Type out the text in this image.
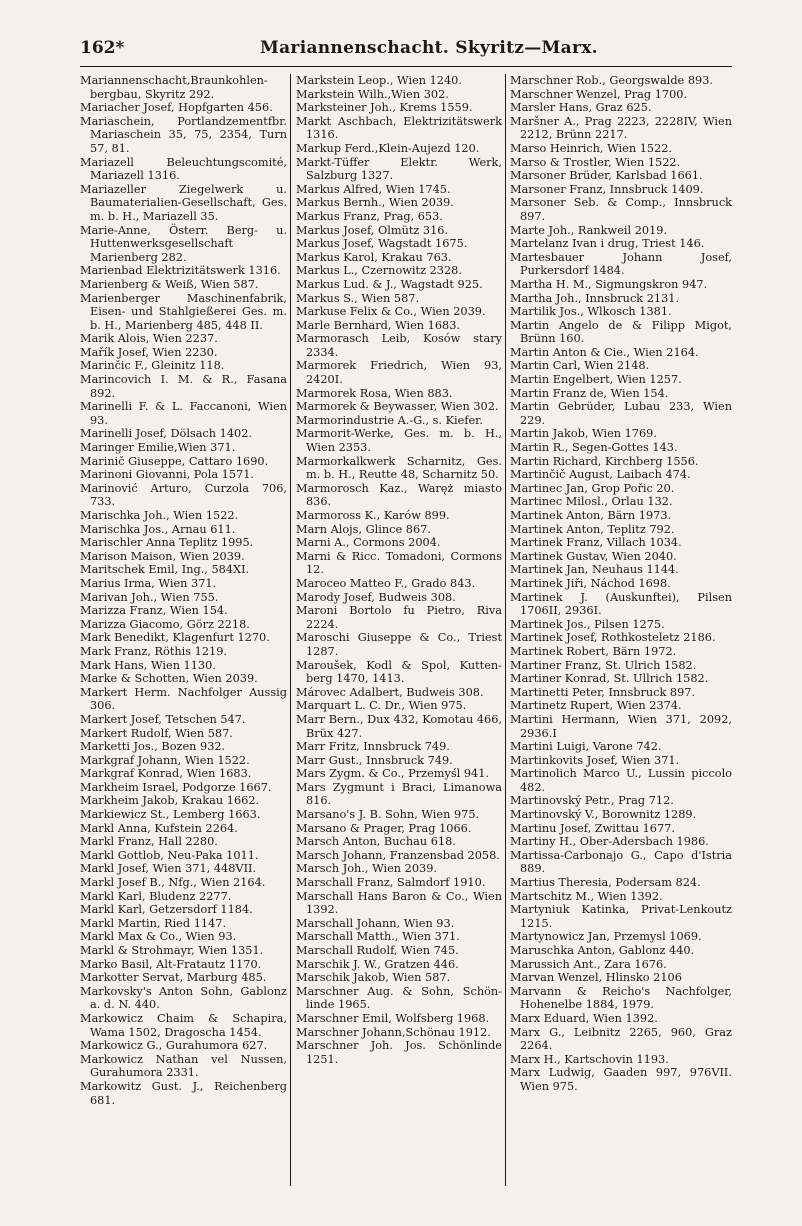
162*	Mariannenschacht. Skyritz—Marx.
Mariannenschacht,Braunkohlen-bergbau, Skyritz 292.
Mariacher Josef, Hopfgarten 456.
Mariaschein, Portlandzementfbr. Mariaschein 35, 75, 2354, Turn 57, 81.
Mariazell Beleuchtungscomité, Mariazell 1316.
Mariazeller Ziegelwerk u. Baumaterialien-Gesellschaft, Ges. m. b. H., Mariazell 35.
Marie-Anne, Österr. Berg- u. Huttenwerksgesellschaft Marienberg 282.
Marienbad Elektrizitätswerk 1316.
Marienberg & Weiß, Wien 587.
Marienberger Maschinenfabrik, Eisen- und Stahlgießerei Ges. m. b. H., Marienberg 485, 448 II.
Marik Alois, Wien 2237.
Mařík Josef, Wien 2230.
Marinčic F., Gleinitz 118.
Marincovich I. M. & R., Fasana 892.
Marinelli F. & L. Faccanoni, Wien 93.
Marinelli Josef, Dölsach 1402.
Maringer Emilie,Wien 371.
Marinič Giuseppe, Cattaro 1690.
Marinoni Giovanni, Pola 1571.
Marinović Arturo, Curzola 706, 733.
Marischka Joh., Wien 1522.
Marischka Jos., Arnau 611.
Marischler Anna Teplitz 1995.
Marison Maison, Wien 2039.
Maritschek Emil, Ing., 584XI.
Marius Irma, Wien 371.
Marivan Joh., Wien 755.
Marizza Franz, Wien 154.
Marizza Giacomo, Görz 2218.
Mark Benedikt, Klagenfurt 1270.
Mark Franz, Röthis 1219.
Mark Hans, Wien 1130.
Marke & Schotten, Wien 2039.
Markert Herm. Nachfolger Aussig 306.
Markert Josef, Tetschen 547.
Markert Rudolf, Wien 587.
Marketti Jos., Bozen 932.
Markgraf Johann, Wien 1522.
Markgraf Konrad, Wien 1683.
Markheim Israel, Podgorze 1667.
Markheim Jakob, Krakau 1662.
Markiewicz St., Lemberg 1663.
Markl Anna, Kufstein 2264.
Markl Franz, Hall 2280.
Markl Gottlob, Neu-Paka 1011.
Markl Josef, Wien 371, 448VII.
Markl Josef B., Nfg., Wien 2164.
Markl Karl, Bludenz 2277.
Markl Karl, Getzersdorf 1184.
Markl Martin, Ried 1147.
Markl Max & Co., Wien 93.
Markl & Strohmayr, Wien 1351.
Marko Basil, Alt-Fratautz 1170.
Markotter Servat, Marburg 485.
Markovsky's Anton Sohn, Gablonz a. d. N. 440.
Markowicz Chaim & Schapira, Wama 1502, Dragoscha 1454.
Markowicz G., Gurahumora 627.
Markowicz Nathan vel Nussen, Gurahumora 2331.
Markowitz Gust. J., Reichenberg 681.
Markstein Leop., Wien 1240.
Markstein Wilh.,Wien 302.
Marksteiner Joh., Krems 1559.
Markt Aschbach, Elektrizitätswerk 1316.
Markup Ferd.,Klein-Aujezd 120.
Markt-Tüffer Elektr. Werk, Salzburg 1327.
Markus Alfred, Wien 1745.
Markus Bernh., Wien 2039.
Markus Franz, Prag, 653.
Markus Josef, Olmütz 316.
Markus Josef, Wagstadt 1675.
Markus Karol, Krakau 763.
Markus L., Czernowitz 2328.
Markus Lud. & J., Wagstadt 925.
Markus S., Wien 587.
Markuse Felix & Co., Wien 2039.
Marle Bernhard, Wien 1683.
Marmorasch Leib, Kosów stary 2334.
Marmorek Friedrich, Wien 93, 2420I.
Marmorek Rosa, Wien 883.
Marmorek & Beywasser, Wien 302.
Marmorindustrie A.-G., s. Kiefer.
Marmorit-Werke, Ges. m. b. H., Wien 2353.
Marmorkalkwerk Scharnitz, Ges. m. b. H., Reutte 48, Scharnitz 50.
Marmorosch Kaz., Waręż miasto 836.
Marmoross K., Karów 899.
Marn Alojs, Glince 867.
Marni A., Cormons 2004.
Marni & Ricc. Tomadoni, Cormons 12.
Maroceo Matteo F., Grado 843.
Marody Josef, Budweis 308.
Maroni Bortolo fu Pietro, Riva 2224.
Maroschi Giuseppe & Co., Triest 1287.
Maroušek, Kodl & Spol, Kutten-berg 1470, 1413.
Márovec Adalbert, Budweis 308.
Marquart L. C. Dr., Wien 975.
Marr Bern., Dux 432, Komotau 466, Brüx 427.
Marr Fritz, Innsbruck 749.
Marr Gust., Innsbruck 749.
Mars Zygm. & Co., Przemyśl 941.
Mars Zygmunt i Braci, Limanowa 816.
Marsano's J. B. Sohn, Wien 975.
Marsano & Prager, Prag 1066.
Marsch Anton, Buchau 618.
Marsch Johann, Franzensbad 2058.
Marsch Joh., Wien 2039.
Marschall Franz, Salmdorf 1910.
Marschall Hans Baron & Co., Wien 1392.
Marschall Johann, Wien 93.
Marschall Matth., Wien 371.
Marschall Rudolf, Wien 745.
Marschik J. W., Gratzen 446.
Marschik Jakob, Wien 587.
Marschner Aug. & Sohn, Schön-linde 1965.
Marschner Emil, Wolfsberg 1968.
Marschner Johann,Schönau 1912.
Marschner Joh. Jos. Schönlinde 1251.
Marschner Rob., Georgswalde 893.
Marschner Wenzel, Prag 1700.
Marsler Hans, Graz 625.
Maršner A., Prag 2223, 2228IV, Wien 2212, Brünn 2217.
Marso Heinrich, Wien 1522.
Marso & Trostler, Wien 1522.
Marsoner Brüder, Karlsbad 1661.
Marsoner Franz, Innsbruck 1409.
Marsoner Seb. & Comp., Innsbruck 897.
Marte Joh., Rankweil 2019.
Martelanz Ivan i drug, Triest 146.
Martesbauer Johann Josef, Purkersdorf 1484.
Martha H. M., Sigmungskron 947.
Martha Joh., Innsbruck 2131.
Martilik Jos., Wlkosch 1381.
Martin Angelo de & Filipp Migot, Brünn 160.
Martin Anton & Cie., Wien 2164.
Martin Carl, Wien 2148.
Martin Engelbert, Wien 1257.
Martin Franz de, Wien 154.
Martin Gebrüder, Lubau 233, Wien 229.
Martin Jakob, Wien 1769.
Martin R., Segen-Gottes 143.
Martin Richard, Kirchberg 1556.
Martinčič August, Laibach 474.
Martinec Jan, Grop Pořic 20.
Martinec Milosl., Orlau 132.
Martinek Anton, Bärn 1973.
Martinek Anton, Teplitz 792.
Martinek Franz, Villach 1034.
Martinek Gustav, Wien 2040.
Martinek Jan, Neuhaus 1144.
Martinek Jiři, Náchod 1698.
Martinek J. (Auskunftei), Pilsen 1706II, 2936I.
Martinek Jos., Pilsen 1275.
Martinek Josef, Rothkosteletz 2186.
Martinek Robert, Bärn 1972.
Martiner Franz, St. Ulrich 1582.
Martiner Konrad, St. Ullrich 1582.
Martinetti Peter, Innsbruck 897.
Martinetz Rupert, Wien 2374.
Martini Hermann, Wien 371, 2092, 2936.I
Martini Luigi, Varone 742.
Martinkovits Josef, Wien 371.
Martinolich Marco U., Lussin piccolo 482.
Martinovský Petr., Prag 712.
Martinovský V., Borownitz 1289.
Martinu Josef, Zwittau 1677.
Martiny H., Ober-Adersbach 1986.
Martissa-Carbonajo G., Capo d'Istria 889.
Martius Theresia, Podersam 824.
Martschitz M., Wien 1392.
Martyniuk Katinka, Privat-Lenkoutz 1215.
Martynowicz Jan, Przemysl 1069.
Maruschka Anton, Gablonz 440.
Marussich Ant., Zara 1676.
Marvan Wenzel, Hlinsko 2106
Marvann & Reicho's Nachfolger, Hohenelbe 1884, 1979.
Marx Eduard, Wien 1392.
Marx G., Leibnitz 2265, 960, Graz 2264.
Marx H., Kartschovin 1193.
Marx Ludwig, Gaaden 997, 976VII. Wien 975.
